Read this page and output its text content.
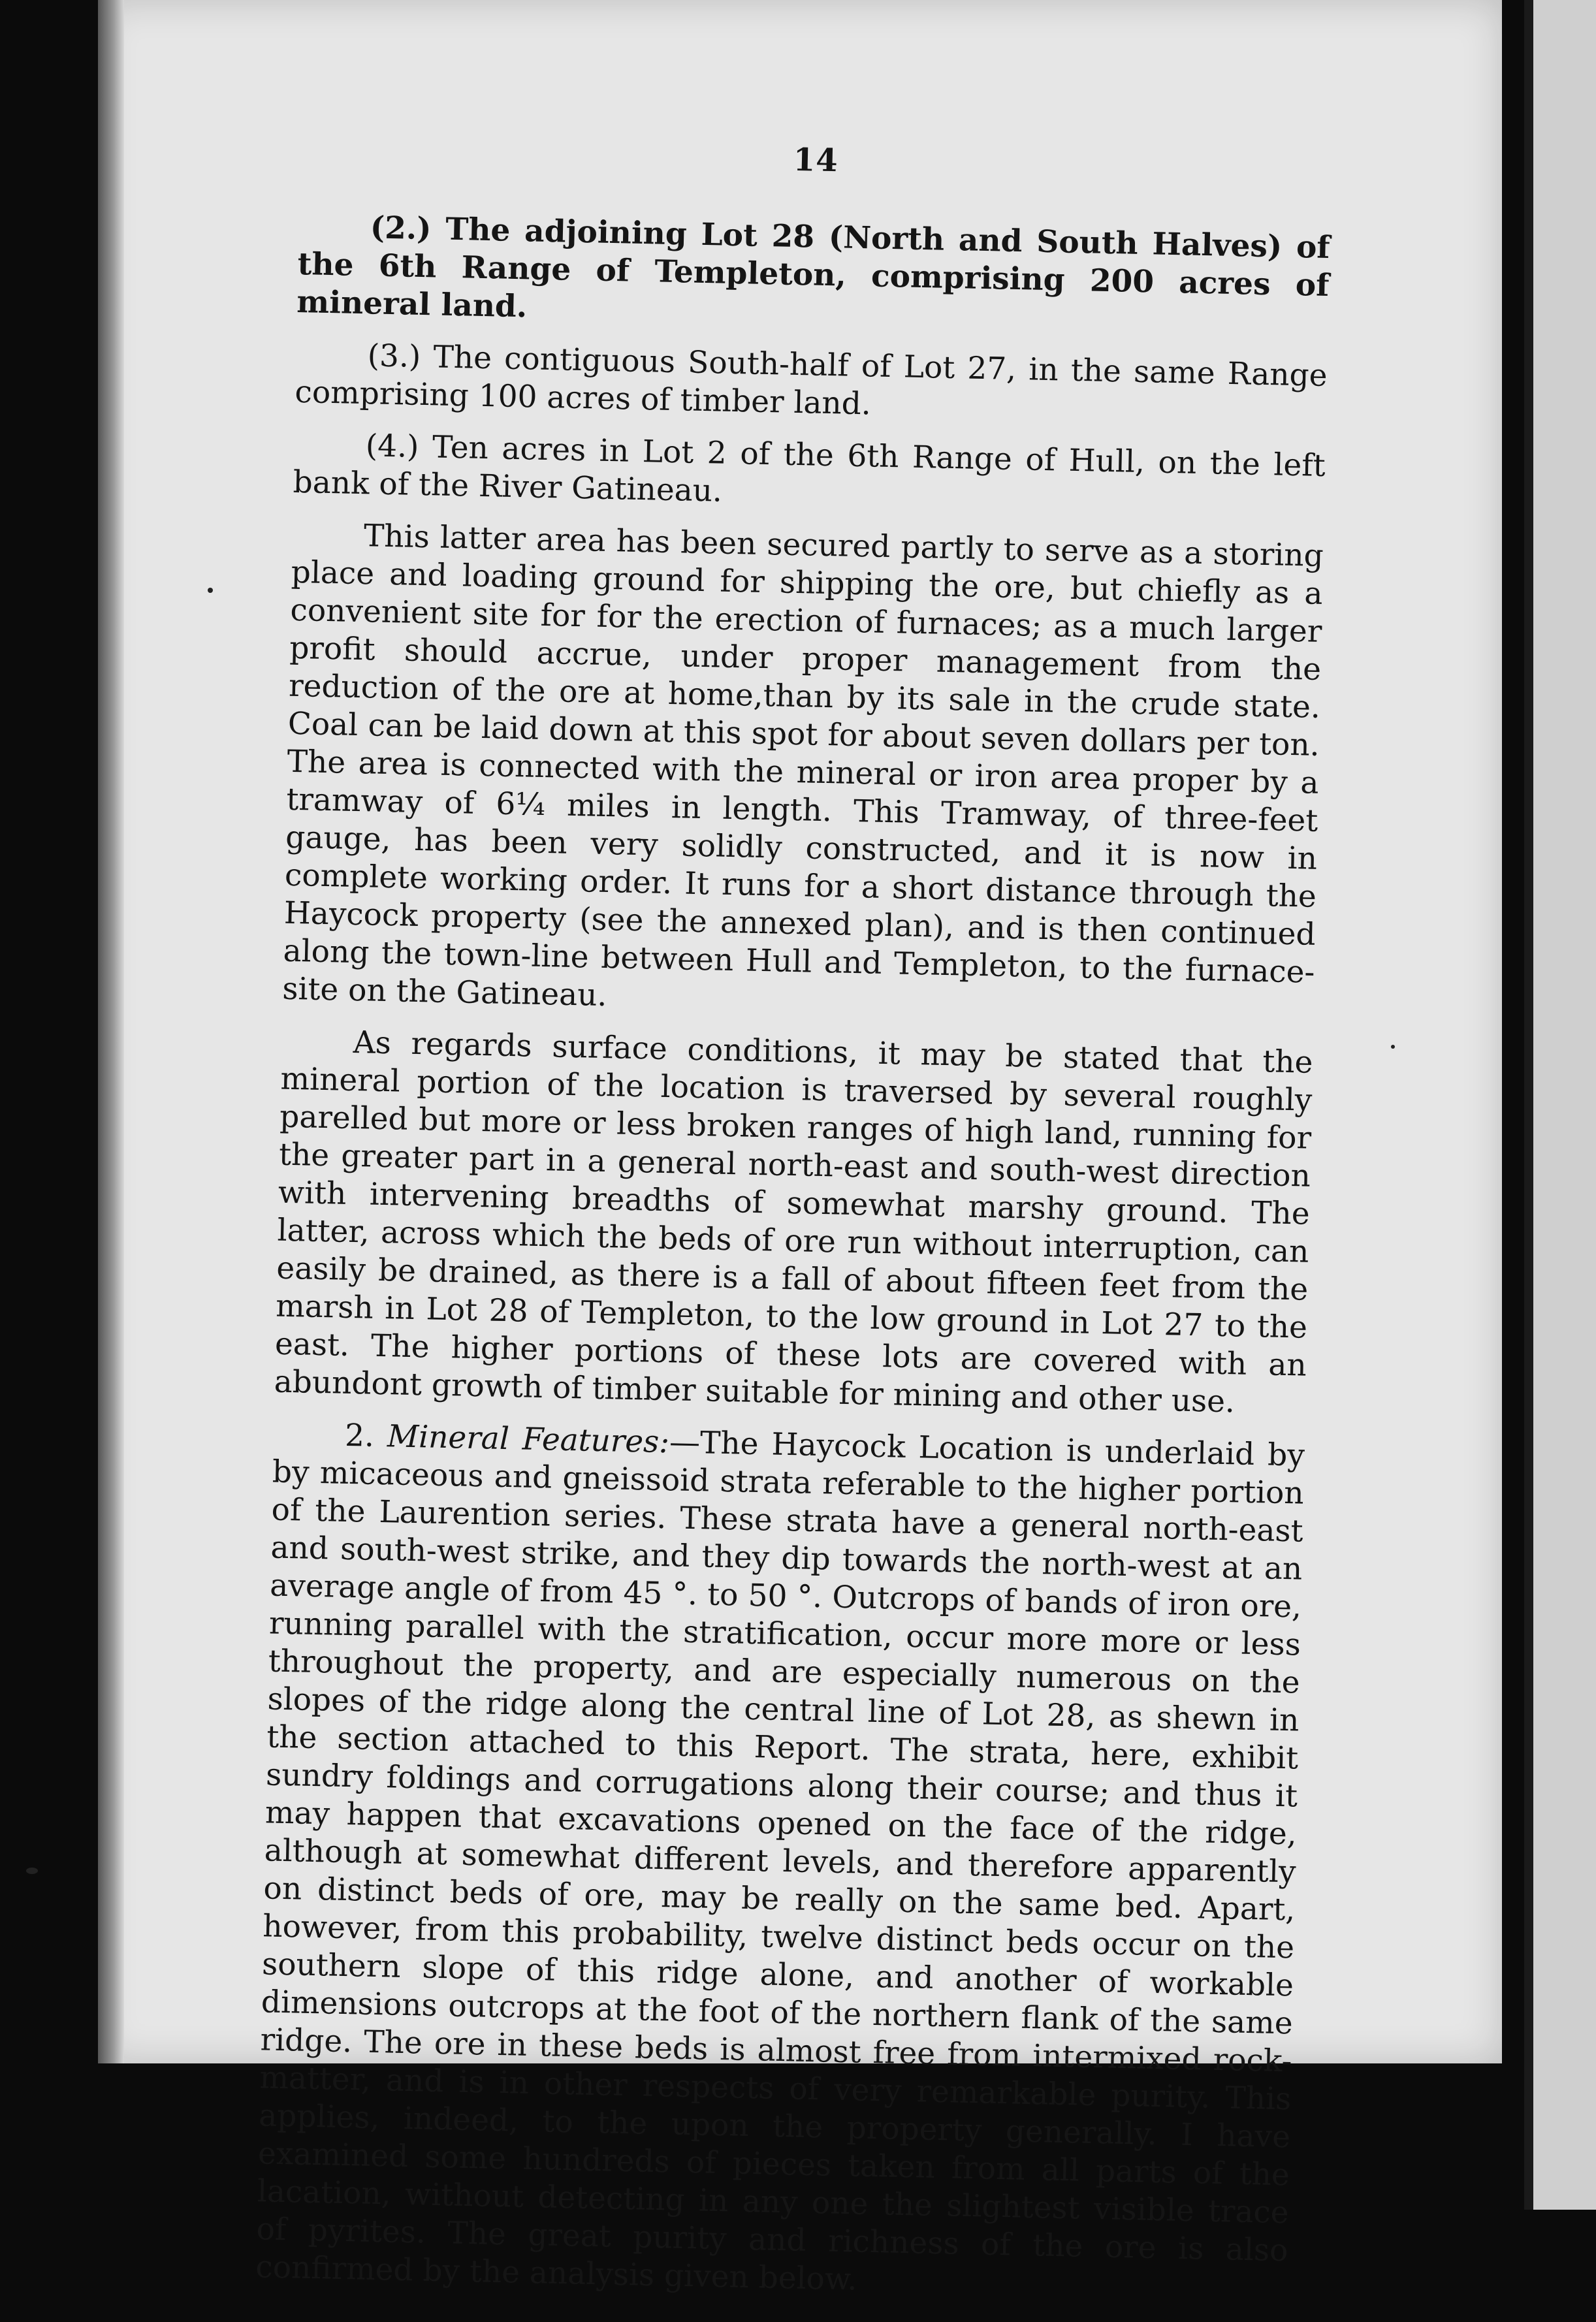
14

(2.) The adjoining Lot 28 (North and South Halves) of the 6th Range of Templeton, comprising 200 acres of mineral land.

(3.) The contiguous South-half of Lot 27, in the same Range comprising 100 acres of timber land.

(4.) Ten acres in Lot 2 of the 6th Range of Hull, on the left bank of the River Gatineau.

This latter area has been secured partly to serve as a storing place and loading ground for shipping the ore, but chiefly as a convenient site for for the erection of furnaces; as a much larger profit should accrue, under proper management from the reduction of the ore at home,than by its sale in the crude state. Coal can be laid down at this spot for about seven dollars per ton. The area is connected with the mineral or iron area proper by a tramway of 6¼ miles in length. This Tramway, of three-feet gauge, has been very solidly constructed, and it is now in complete working order. It runs for a short distance through the Haycock property (see the annexed plan), and is then continued along the town-line between Hull and Templeton, to the furnace-site on the Gatineau.

As regards surface conditions, it may be stated that the mineral portion of the location is traversed by several roughly parelled but more or less broken ranges of high land, running for the greater part in a general north-east and south-west direction with intervening breadths of somewhat marshy ground. The latter, across which the beds of ore run without interruption, can easily be drained, as there is a fall of about fifteen feet from the marsh in Lot 28 of Templeton, to the low ground in Lot 27 to the east. The higher portions of these lots are covered with an abundont growth of timber suitable for mining and other use.

2. Mineral Features:—The Haycock Location is underlaid by by micaceous and gneissoid strata referable to the higher portion of the Laurention series. These strata have a general north-east and south-west strike, and they dip towards the north-west at an average angle of from 45 °. to 50 °. Outcrops of bands of iron ore, running parallel with the stratification, occur more more or less throughout the property, and are especially numerous on the slopes of the ridge along the central line of Lot 28, as shewn in the section attached to this Report. The strata, here, exhibit sundry foldings and corrugations along their course; and thus it may happen that excavations opened on the face of the ridge, although at somewhat different levels, and therefore apparently on distinct beds of ore, may be really on the same bed. Apart, however, from this probability, twelve distinct beds occur on the southern slope of this ridge alone, and another of workable dimensions outcrops at the foot of the northern flank of the same ridge. The ore in these beds is almost free from intermixed rock-matter, and is in other respects of very remarkable purity. This applies, indeed, to the upon the property generally. I have examined some hundreds of pieces taken from all parts of the lacation, without detecting in any one the slightest visible trace of pyrites. The great purity and richness of the ore is also confirmed by the analysis given below.
